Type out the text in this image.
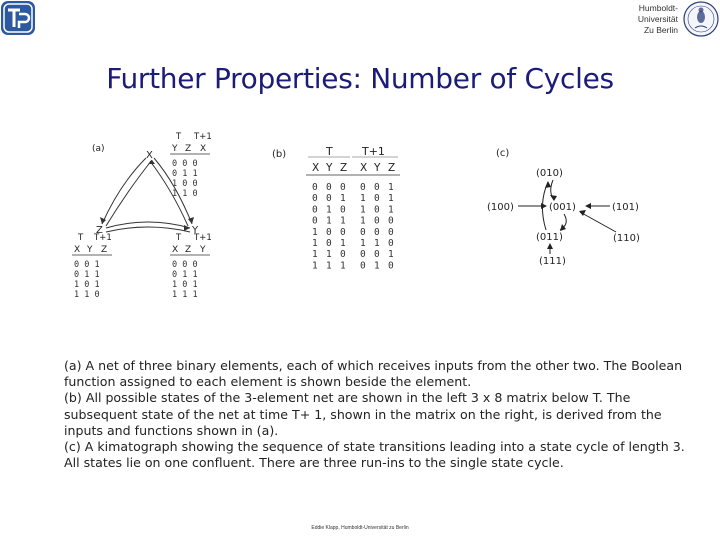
Humboldt-
Universität
Zu Berlin
Further Properties: Number of Cycles
(a)
T T+1
Y Z X
0 0 0
0 1 1
1 0 0
1 1 0
X
Z	Y
T T+1
X Y Z
0 0 1
0 1 1
1 0 1
1 1 0
T T+1
X Z Y
0 0 0
0 1 1
1 0 1
1 1 1
(b)	T	T+1
X Y Z X Y Z
0 0 0 0 0 1
0 0 1 1 0 1
0 1 0 1 0 1
0 1 1 1 0 0
1 0 0 0 0 0
1 0 1 1 1 0
1 1 0 0 0 1
1 1 1 0 1 0
(c)
(010)
(100)	(001)	(101)
(011)	(110)
(111)
(a) A net of three binary elements, each of which receives inputs from the other two. The Boolean
function assigned to each element is shown beside the element.
(b) All possible states of the 3-element net are shown in the left 3 x 8 matrix below T. The
subsequent state of the net at time T+ 1, shown in the matrix on the right, is derived from the
inputs and functions shown in (a).
(c) A kimatograph showing the sequence of state transitions leading into a state cycle of length 3.
All states lie on one confluent. There are three run-ins to the single state cycle.
Eddie Klapp, Humboldt-Universität zu Berlin
